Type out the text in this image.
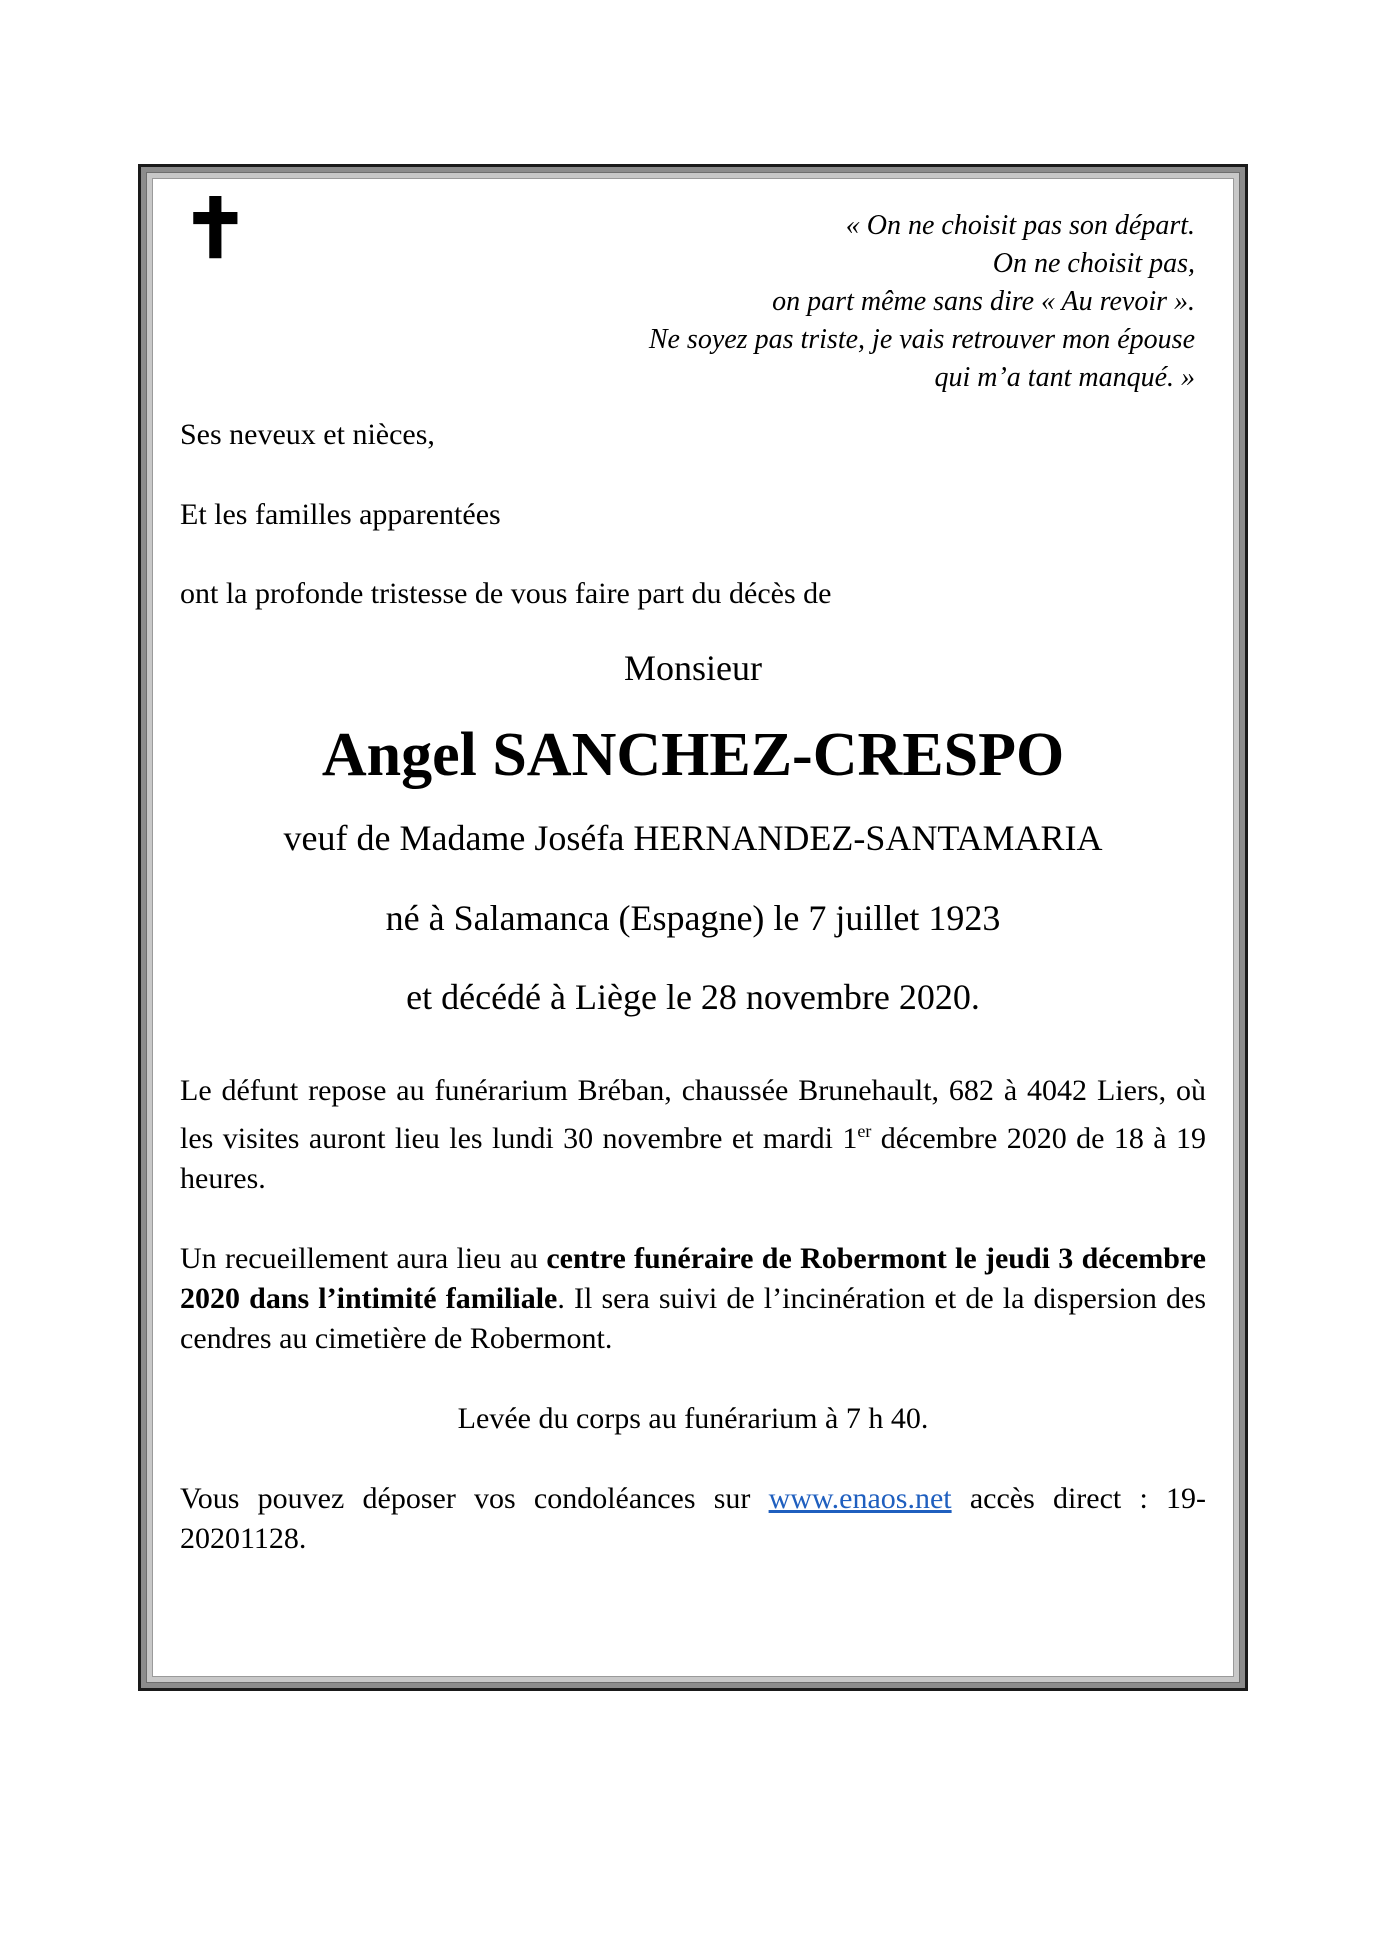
✝	« On ne choisit pas son départ.
On ne choisit pas,
on part même sans dire « Au revoir ».
Ne soyez pas triste, je vais retrouver mon épouse
qui m’a tant manqué. »

Ses neveux et nièces,

Et les familles apparentées

ont la profonde tristesse de vous faire part du décès de

Monsieur
Angel SANCHEZ-CRESPO
veuf de Madame Joséfa HERNANDEZ-SANTAMARIA
né à Salamanca (Espagne) le 7 juillet 1923
et décédé à Liège le 28 novembre 2020.

Le défunt repose au funérarium Bréban, chaussée Brunehault, 682 à 4042 Liers, où les visites auront lieu les lundi 30 novembre et mardi 1er décembre 2020 de 18 à 19 heures.

Un recueillement aura lieu au centre funéraire de Robermont le jeudi 3 décembre 2020 dans l’intimité familiale. Il sera suivi de l’incinération et de la dispersion des cendres au cimetière de Robermont.

Levée du corps au funérarium à 7 h 40.

Vous pouvez déposer vos condoléances sur www.enaos.net accès direct : 19-20201128.
